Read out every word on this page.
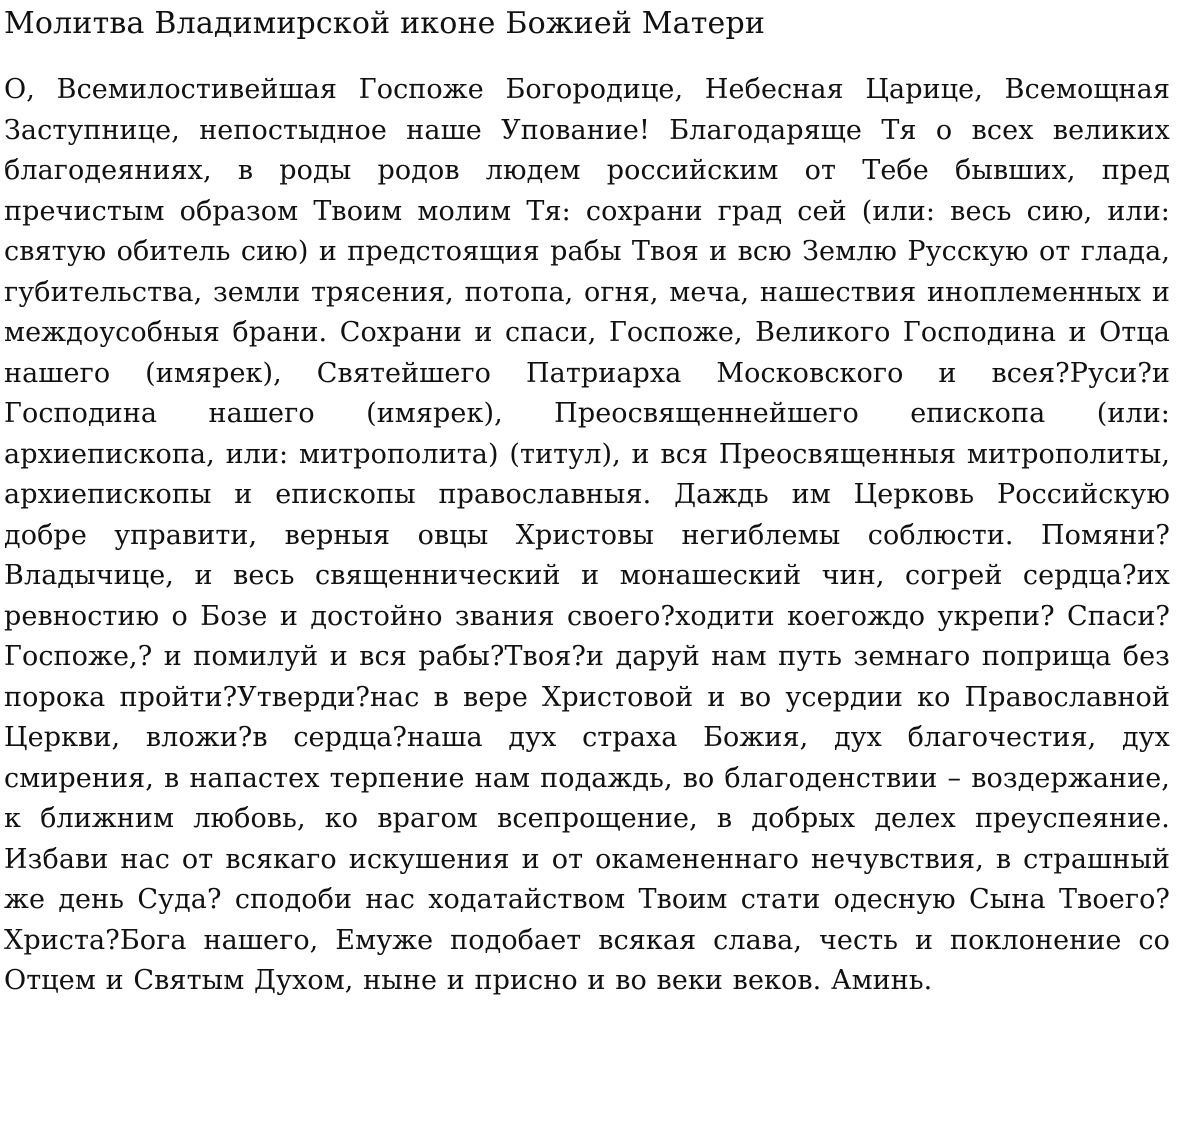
Молитва Владимирской иконе Божией Матери

О, Всемилостивейшая Госпоже Богородице, Небесная Царице, Всемощная Заступнице, непостыдное наше Упование! Благодаряще Тя о всех великих благодеяниях, в роды родов людем российским от Тебе бывших, пред пречистым образом Твоим молим Тя: сохрани град сей (или: весь сию, или: святую обитель сию) и предстоящия рабы Твоя и всю Землю Русскую от глада, губительства, земли трясения, потопа, огня, меча, нашествия иноплеменных и междоусобныя брани. Сохрани и спаси, Госпоже, Великого Господина и Отца нашего (имярек), Святейшего Патриарха Московского и всея?Руси?и Господина нашего (имярек), Преосвященнейшего епископа (или: архиепископа, или: митрополита) (титул), и вся Преосвященныя митрополиты, архиепископы и епископы православныя. Даждь им Церковь Российскую добре управити, верныя овцы Христовы негиблемы соблюсти. Помяни? Владычице, и весь священнический и монашеский чин, согрей сердца?их ревностию о Бозе и достойно звания своего?ходити коегождо укрепи? Спаси? Госпоже,? и помилуй и вся рабы?Твоя?и даруй нам путь земнаго поприща без порока пройти?Утверди?нас в вере Христовой и во усердии ко Православной Церкви, вложи?в сердца?наша дух страха Божия, дух благочестия, дух смирения, в напастех терпение нам подаждь, во благоденствии – воздержание, к ближним любовь, ко врагом всепрощение, в добрых делех преуспеяние. Избави нас от всякаго искушения и от окамененнаго нечувствия, в страшный же день Суда? сподоби нас ходатайством Твоим стати одесную Сына Твоего? Христа?Бога нашего, Емуже подобает всякая слава, честь и поклонение со Отцем и Святым Духом, ныне и присно и во веки веков. Аминь.
